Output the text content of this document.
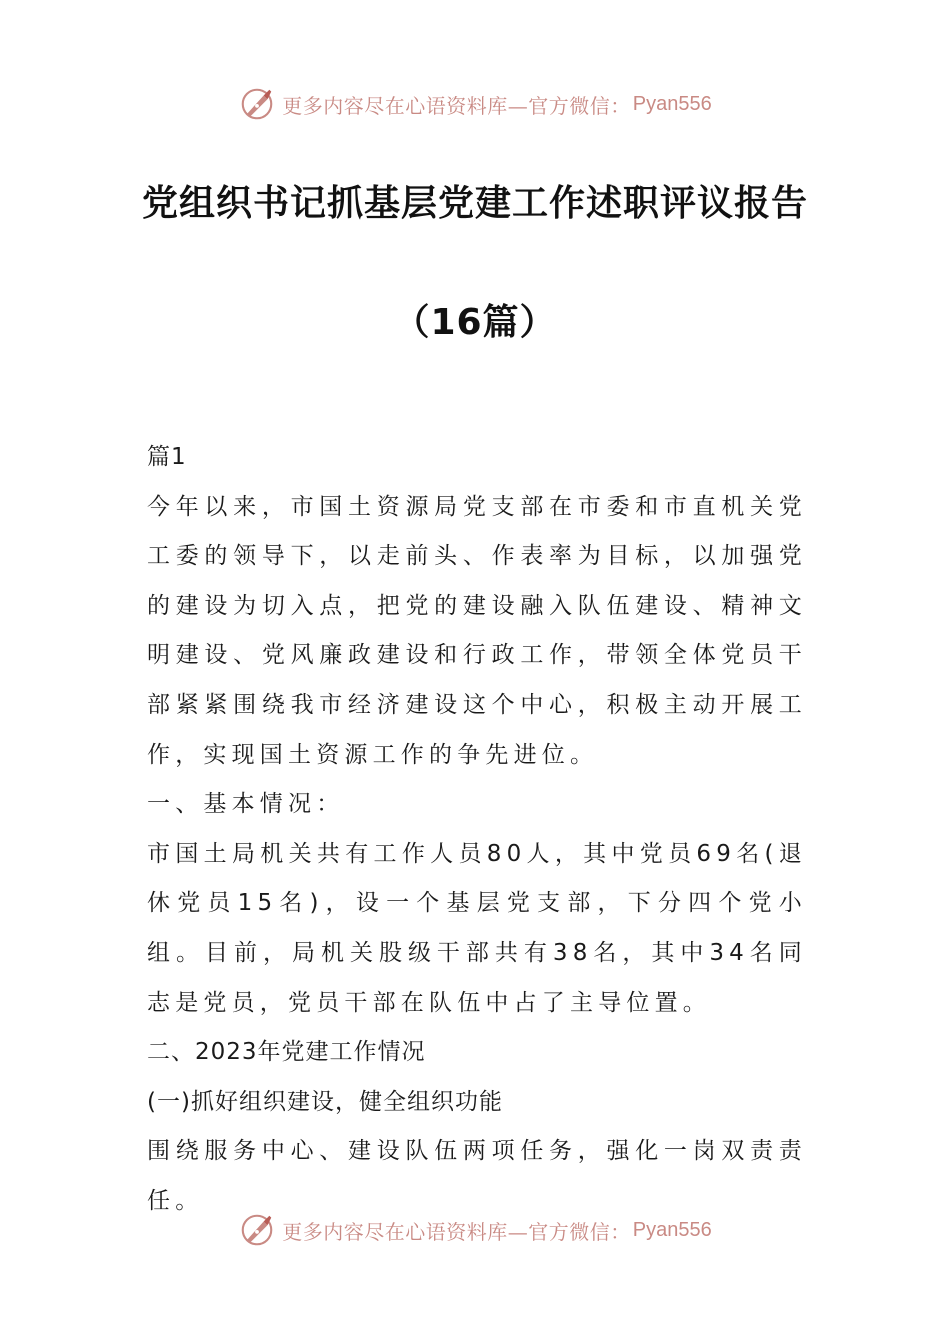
更多内容尽在心语资料库—官方微信： Pyan556
党组织书记抓基层党建工作述职评议报告
（16篇）

篇1

今年以来，市国土资源局党支部在市委和市直机关党工委的领导下，以走前头、作表率为目标，以加强党的建设为切入点，把党的建设融入队伍建设、精神文明建设、党风廉政建设和行政工作，带领全体党员干部紧紧围绕我市经济建设这个中心，积极主动开展工作，实现国土资源工作的争先进位。

一、基本情况：

市国土局机关共有工作人员80人，其中党员69名(退休党员15名)，设一个基层党支部，下分四个党小组。目前，局机关股级干部共有38名，其中34名同志是党员，党员干部在队伍中占了主导位置。

二、2023年党建工作情况

(一)抓好组织建设，健全组织功能

围绕服务中心、建设队伍两项任务，强化一岗双责责任。

更多内容尽在心语资料库—官方微信： Pyan556
